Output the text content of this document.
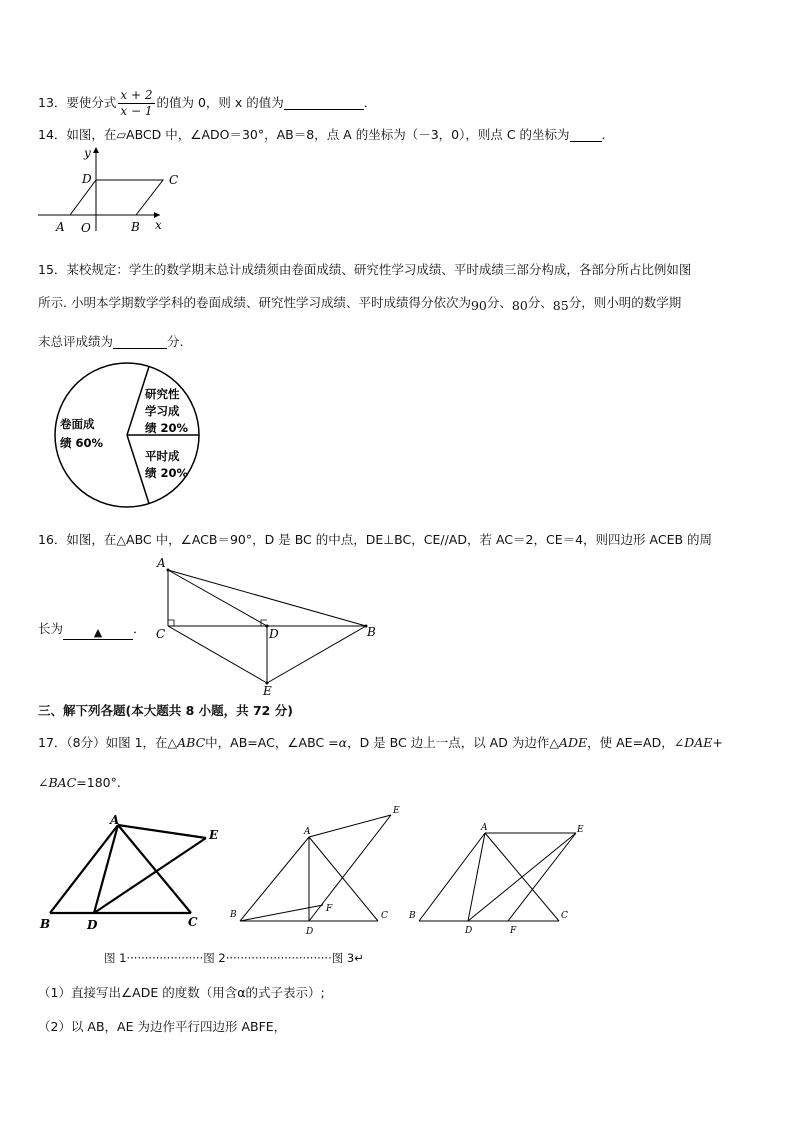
13．要使分式 $\frac{x + 2}{x - 1}$ 的值为 0，则 x 的值为	．
14．如图，在▱ABCD 中，∠ADO＝30°，AB＝8，点 A 的坐标为（－3，0），则点 C 的坐标为	．
y
x
D	C
A O	B
15．某校规定：学生的数学期末总计成绩须由卷面成绩、研究性学习成绩、平时成绩三部分构成，各部分所占比例如图
所示. 小明本学期数学学科的卷面成绩、研究性学习成绩、平时成绩得分依次为90分、80分、85分，则小明的数学期
末总评成绩为	分.
卷面成
绩 60%
研究性
学习成
绩 20%
平时成
绩 20%
16．如图，在△ABC 中，∠ACB＝90°，D 是 BC 的中点，DE⊥BC，CE//AD，若 AC＝2，CE＝4，则四边形 ACEB 的周
长为	▲ ．
A
C	D	B
E
三、解下列各题(本大题共 8 小题，共 72 分)
17．（8分）如图 1，在△ABC中，AB=AC，∠ABC =α，D 是 BC 边上一点，以 AD 为边作△ADE，使 AE=AD，∠DAE+
∠BAC=180°.
A
E
B	D	C
A
E
B
F
C
D
A	E
B
D	F
C
图 1·····················图 2·····························图 3↵
（1）直接写出∠ADE 的度数（用含α的式子表示）;
（2）以 AB，AE 为边作平行四边形 ABFE，
